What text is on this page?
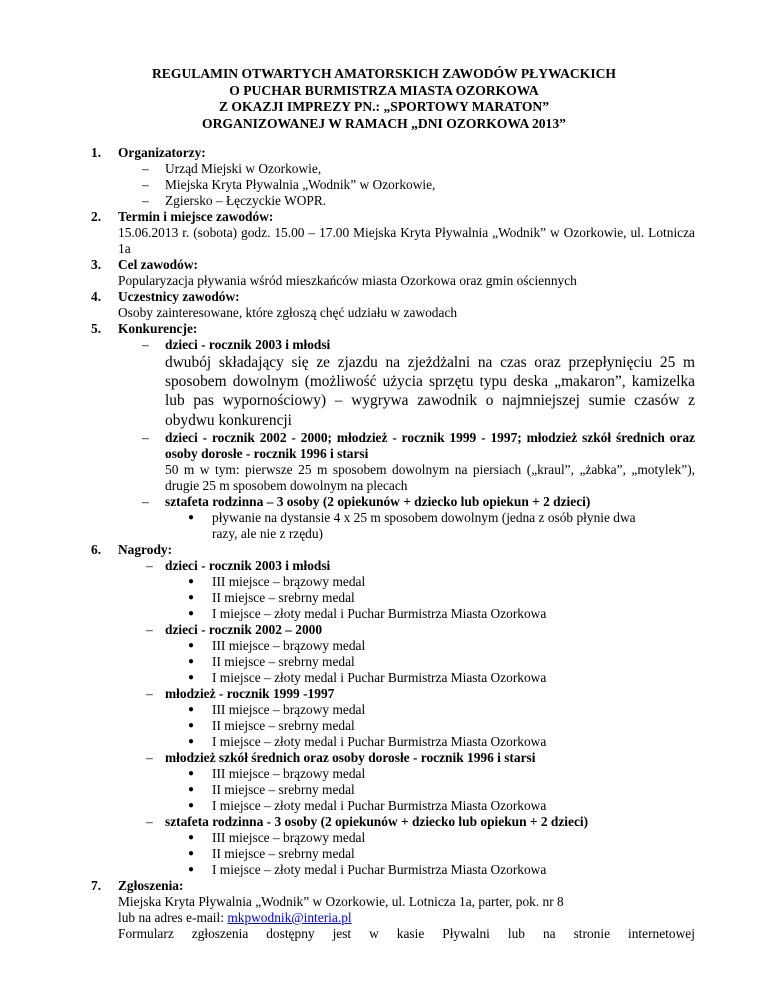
REGULAMIN OTWARTYCH AMATORSKICH ZAWODÓW PŁYWACKICH
O PUCHAR BURMISTRZA MIASTA OZORKOWA
Z OKAZJI IMPREZY PN.: „SPORTOWY MARATON”
ORGANIZOWANEJ W RAMACH „DNI OZORKOWA 2013”
1. Organizatorzy:
– Urząd Miejski w Ozorkowie,
– Miejska Kryta Pływalnia „Wodnik” w Ozorkowie,
– Zgiersko – Łęczyckie WOPR.
2. Termin i miejsce zawodów:
15.06.2013 r. (sobota) godz. 15.00 – 17.00 Miejska Kryta Pływalnia „Wodnik” w Ozorkowie, ul. Lotnicza 1a
3. Cel zawodów:
Popularyzacja pływania wśród mieszkańców miasta Ozorkowa oraz gmin ościennych
4. Uczestnicy zawodów:
Osoby zainteresowane, które zgłoszą chęć udziału w zawodach
5. Konkurencje:
– dzieci - rocznik 2003 i młodsi
dwubój składający się ze zjazdu na zjeżdżalni na czas oraz przepłynięciu 25 m sposobem dowolnym (możliwość użycia sprzętu typu deska „makaron”, kamizelka lub pas wypornościowy) – wygrywa zawodnik o najmniejszej sumie czasów z obydwu konkurencji
– dzieci - rocznik 2002 - 2000; młodzież - rocznik 1999 - 1997; młodzież szkół średnich oraz osoby dorosłe - rocznik 1996 i starsi
50 m w tym: pierwsze 25 m sposobem dowolnym na piersiach („kraul”, „żabka”, „motylek”), drugie 25 m sposobem dowolnym na plecach
– sztafeta rodzinna – 3 osoby (2 opiekunów + dziecko lub opiekun + 2 dzieci)
● pływanie na dystansie 4 x 25 m sposobem dowolnym (jedna z osób płynie dwa razy, ale nie z rzędu)
6. Nagrody:
– dzieci - rocznik 2003 i młodsi
● III miejsce – brązowy medal
● II miejsce – srebrny medal
● I miejsce – złoty medal i Puchar Burmistrza Miasta Ozorkowa
– dzieci - rocznik 2002 – 2000
● III miejsce – brązowy medal
● II miejsce – srebrny medal
● I miejsce – złoty medal i Puchar Burmistrza Miasta Ozorkowa
– młodzież - rocznik 1999 -1997
● III miejsce – brązowy medal
● II miejsce – srebrny medal
● I miejsce – złoty medal i Puchar Burmistrza Miasta Ozorkowa
– młodzież szkół średnich oraz osoby dorosłe - rocznik 1996 i starsi
● III miejsce – brązowy medal
● II miejsce – srebrny medal
● I miejsce – złoty medal i Puchar Burmistrza Miasta Ozorkowa
– sztafeta rodzinna - 3 osoby (2 opiekunów + dziecko lub opiekun + 2 dzieci)
● III miejsce – brązowy medal
● II miejsce – srebrny medal
● I miejsce – złoty medal i Puchar Burmistrza Miasta Ozorkowa
7. Zgłoszenia:
Miejska Kryta Pływalnia „Wodnik” w Ozorkowie, ul. Lotnicza 1a, parter, pok. nr 8
lub na adres e-mail: mkpwodnik@interia.pl
Formularz zgłoszenia dostępny jest w kasie Pływalni lub na stronie internetowej
